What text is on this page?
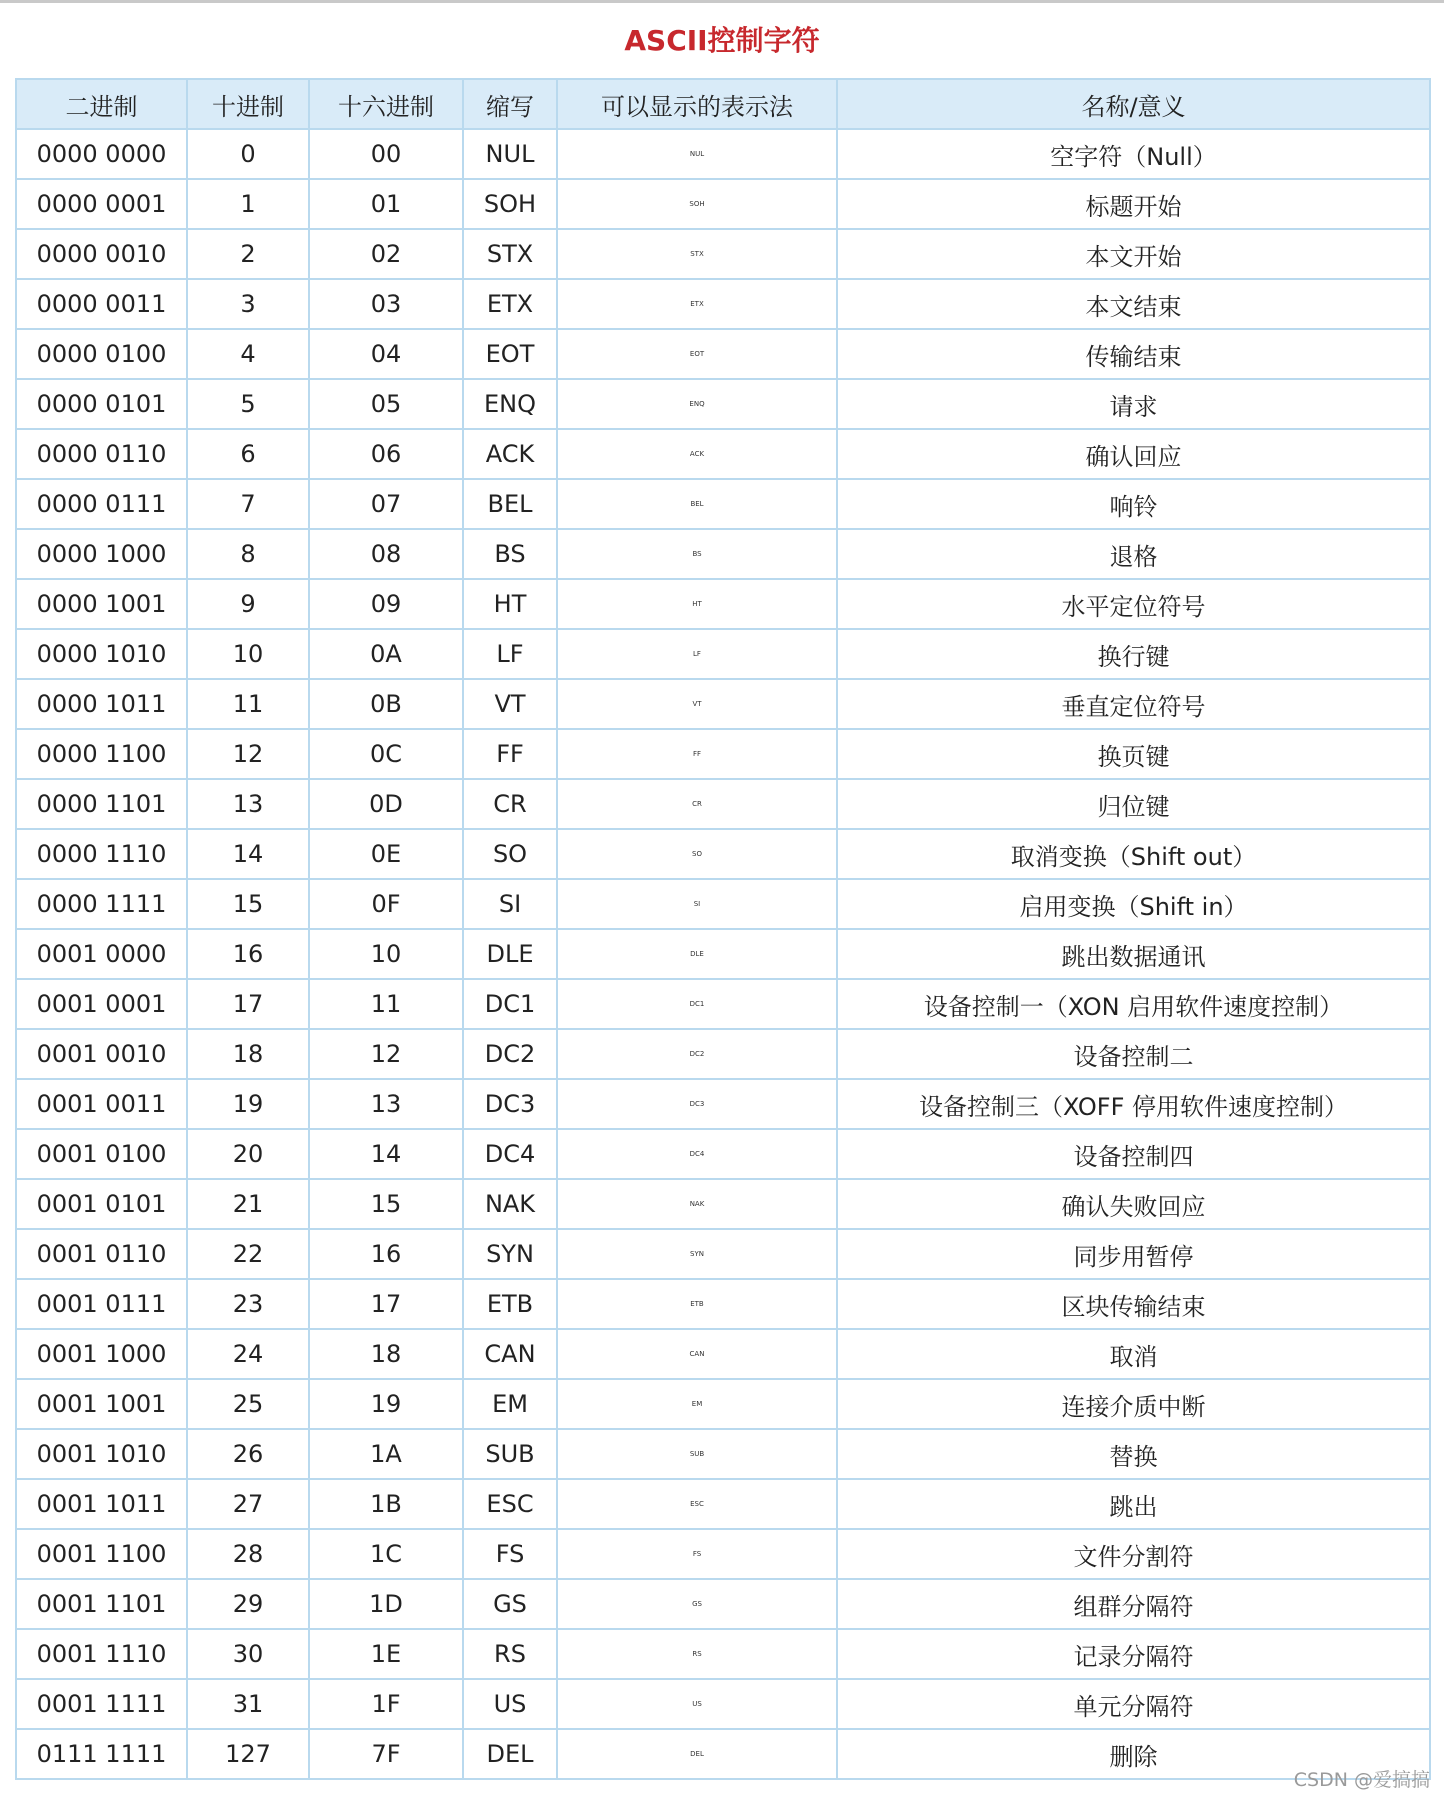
ASCII控制字符
二进制	十进制	十六进制	缩写	可以显示的表示法	名称/意义
0000 0000	0	00	NUL	NUL	空字符（Null）
0000 0001	1	01	SOH	SOH	标题开始
0000 0010	2	02	STX	STX	本文开始
0000 0011	3	03	ETX	ETX	本文结束
0000 0100	4	04	EOT	EOT	传输结束
0000 0101	5	05	ENQ	ENQ	请求
0000 0110	6	06	ACK	ACK	确认回应
0000 0111	7	07	BEL	BEL	响铃
0000 1000	8	08	BS	BS	退格
0000 1001	9	09	HT	HT	水平定位符号
0000 1010	10	0A	LF	LF	换行键
0000 1011	11	0B	VT	VT	垂直定位符号
0000 1100	12	0C	FF	FF	换页键
0000 1101	13	0D	CR	CR	归位键
0000 1110	14	0E	SO	SO	取消变换（Shift out）
0000 1111	15	0F	SI	SI	启用变换（Shift in）
0001 0000	16	10	DLE	DLE	跳出数据通讯
0001 0001	17	11	DC1	DC1	设备控制一（XON 启用软件速度控制）
0001 0010	18	12	DC2	DC2	设备控制二
0001 0011	19	13	DC3	DC3	设备控制三（XOFF 停用软件速度控制）
0001 0100	20	14	DC4	DC4	设备控制四
0001 0101	21	15	NAK	NAK	确认失败回应
0001 0110	22	16	SYN	SYN	同步用暂停
0001 0111	23	17	ETB	ETB	区块传输结束
0001 1000	24	18	CAN	CAN	取消
0001 1001	25	19	EM	EM	连接介质中断
0001 1010	26	1A	SUB	SUB	替换
0001 1011	27	1B	ESC	ESC	跳出
0001 1100	28	1C	FS	FS	文件分割符
0001 1101	29	1D	GS	GS	组群分隔符
0001 1110	30	1E	RS	RS	记录分隔符
0001 1111	31	1F	US	US	单元分隔符
0111 1111	127	7F	DEL	DEL	删除
CSDN @爱搞搞
